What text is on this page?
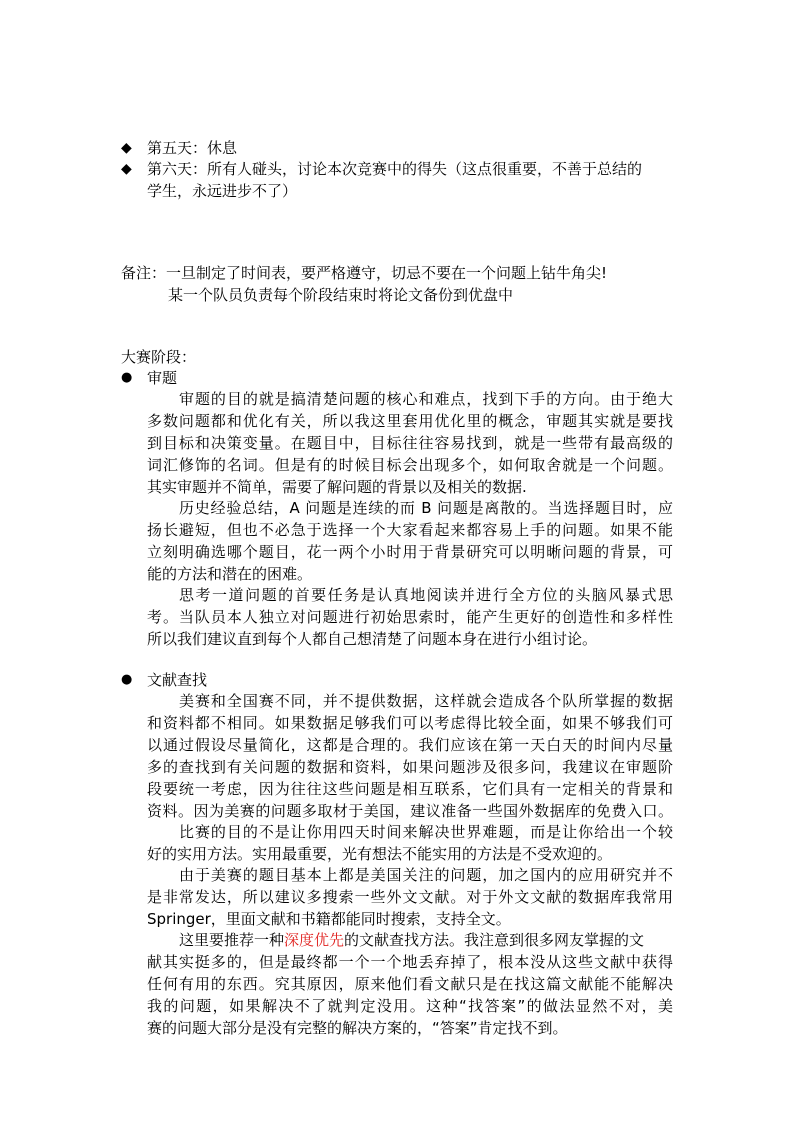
◆ 第五天：休息
◆ 第六天：所有人碰头，讨论本次竞赛中的得失（这点很重要，不善于总结的
学生，永远进步不了）
备注：一旦制定了时间表，要严格遵守，切忌不要在一个问题上钻牛角尖!
某一个队员负责每个阶段结束时将论文备份到优盘中
大赛阶段：
● 审题
审题的目的就是搞清楚问题的核心和难点，找到下手的方向。由于绝大
多数问题都和优化有关，所以我这里套用优化里的概念，审题其实就是要找
到目标和决策变量。在题目中，目标往往容易找到，就是一些带有最高级的
词汇修饰的名词。但是有的时候目标会出现多个，如何取舍就是一个问题。
其实审题并不简单，需要了解问题的背景以及相关的数据.
历史经验总结，A 问题是连续的而 B 问题是离散的。当选择题目时，应
扬长避短，但也不必急于选择一个大家看起来都容易上手的问题。如果不能
立刻明确选哪个题目，花一两个小时用于背景研究可以明晰问题的背景，可
能的方法和潜在的困难。
思考一道问题的首要任务是认真地阅读并进行全方位的头脑风暴式思
考。当队员本人独立对问题进行初始思索时，能产生更好的创造性和多样性
所以我们建议直到每个人都自己想清楚了问题本身在进行小组讨论。
● 文献查找
美赛和全国赛不同，并不提供数据，这样就会造成各个队所掌握的数据
和资料都不相同。如果数据足够我们可以考虑得比较全面，如果不够我们可
以通过假设尽量简化，这都是合理的。我们应该在第一天白天的时间内尽量
多的查找到有关问题的数据和资料，如果问题涉及很多问，我建议在审题阶
段要统一考虑，因为往往这些问题是相互联系，它们具有一定相关的背景和
资料。因为美赛的问题多取材于美国，建议准备一些国外数据库的免费入口。
比赛的目的不是让你用四天时间来解决世界难题，而是让你给出一个较
好的实用方法。实用最重要，光有想法不能实用的方法是不受欢迎的。
由于美赛的题目基本上都是美国关注的问题，加之国内的应用研究并不
是非常发达，所以建议多搜索一些外文文献。对于外文文献的数据库我常用
Springer，里面文献和书籍都能同时搜索，支持全文。
这里要推荐一种深度优先的文献查找方法。我注意到很多网友掌握的文
献其实挺多的，但是最终都一个一个地丢弃掉了，根本没从这些文献中获得
任何有用的东西。究其原因，原来他们看文献只是在找这篇文献能不能解决
我的问题，如果解决不了就判定没用。这种“找答案”的做法显然不对，美
赛的问题大部分是没有完整的解决方案的，“答案”肯定找不到。
